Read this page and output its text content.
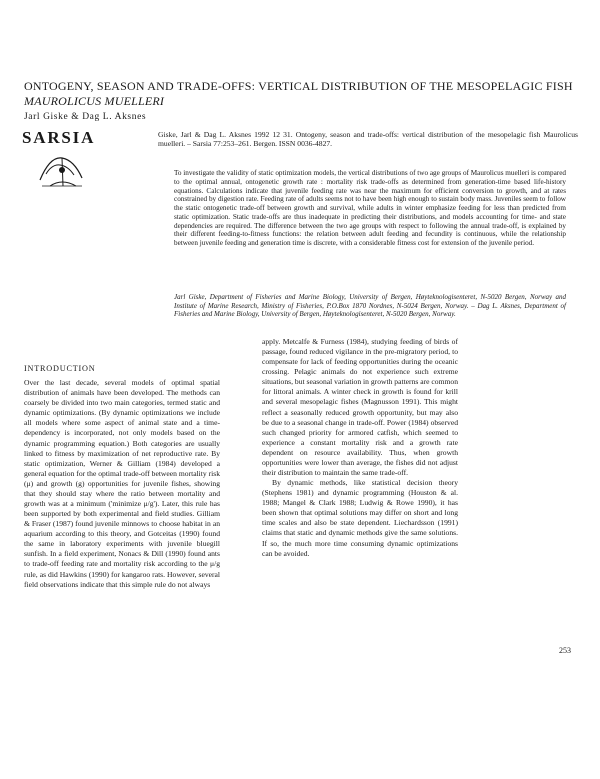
ONTOGENY, SEASON AND TRADE-OFFS: VERTICAL DISTRIBUTION OF THE MESOPELAGIC FISH MAUROLICUS MUELLERI

Jarl Giske & Dag L. Aksnes

SARSIA	Giske, Jarl & Dag L. Aksnes 1992 12 31. Ontogeny, season and trade-offs: vertical distribution of the mesopelagic fish Maurolicus muelleri. – Sarsia 77:253–261. Bergen. ISSN 0036-4827.

To investigate the validity of static optimization models, the vertical distributions of two age groups of Maurolicus muelleri is compared to the optimal annual, ontogenetic growth rate : mortality risk trade-offs as determined from generation-time based life-history equations. Calculations indicate that juvenile feeding rate was near the maximum for efficient conversion to growth, and at rates constrained by digestion rate. Feeding rate of adults seems not to have been high enough to sustain body mass. Juveniles seem to follow the static ontogenetic trade-off between growth and survival, while adults in winter emphasize feeding for less than predicted from static optimization. Static trade-offs are thus inadequate in predicting their distributions, and models accounting for time- and state dependencies are required. The difference between the two age groups with respect to following the annual trade-off, is explained by their different feeding-to-fitness functions: the relation between adult feeding and fecundity is continuous, while the relationship between juvenile feeding and generation time is discrete, with a considerable fitness cost for extension of the juvenile period.

Jarl Giske, Department of Fisheries and Marine Biology, University of Bergen, Høyteknologisenteret, N-5020 Bergen, Norway and Institute of Marine Research, Ministry of Fisheries, P.O.Box 1870 Nordnes, N-5024 Bergen, Norway. – Dag L. Aksnes, Department of Fisheries and Marine Biology, University of Bergen, Høyteknologisenteret, N-5020 Bergen, Norway.

INTRODUCTION

Over the last decade, several models of optimal spatial distribution of animals have been developed. The methods can coarsely be divided into two main categories, termed static and dynamic optimizations. (By dynamic optimizations we include all models where some aspect of animal state and a time-dependency is incorporated, not only models based on the dynamic programming equation.) Both categories are usually linked to fitness by maximization of net reproductive rate. By static optimization, Werner & Gilliam (1984) developed a general equation for the optimal trade-off between mortality risk (μ) and growth (g) opportunities for juvenile fishes, showing that they should stay where the ratio between mortality and growth was at a minimum ('minimize μ/g'). Later, this rule has been supported by both experimental and field studies. Gilliam & Fraser (1987) found juvenile minnows to choose habitat in an aquarium according to this theory, and Gotceitas (1990) found the same in laboratory experiments with juvenile bluegill sunfish. In a field experiment, Nonacs & Dill (1990) found ants to trade-off feeding rate and mortality risk according to the μ/g rule, as did Hawkins (1990) for kangaroo rats. However, several field observations indicate that this simple rule do not always

apply. Metcalfe & Furness (1984), studying feeding of birds of passage, found reduced vigilance in the pre-migratory period, to compensate for lack of feeding opportunities during the oceanic crossing. Pelagic animals do not experience such extreme situations, but seasonal variation in growth patterns are common for littoral animals. A winter check in growth is found for krill and several mesopelagic fishes (Magnusson 1991). This might reflect a seasonally reduced growth opportunity, but may also be due to a seasonal change in trade-off. Power (1984) observed such changed priority for armored catfish, which seemed to experience a constant mortality risk and a growth rate dependent on resource availability. Thus, when growth opportunities were lower than average, the fishes did not adjust their distribution to maintain the same trade-off.

By dynamic methods, like statistical decision theory (Stephens 1981) and dynamic programming (Houston & al. 1988; Mangel & Clark 1988; Ludwig & Rowe 1990), it has been shown that optimal solutions may differ on short and long time scales and also be state dependent. Liechardsson (1991) claims that static and dynamic methods give the same solutions. If so, the much more time consuming dynamic optimizations can be avoided.

253
